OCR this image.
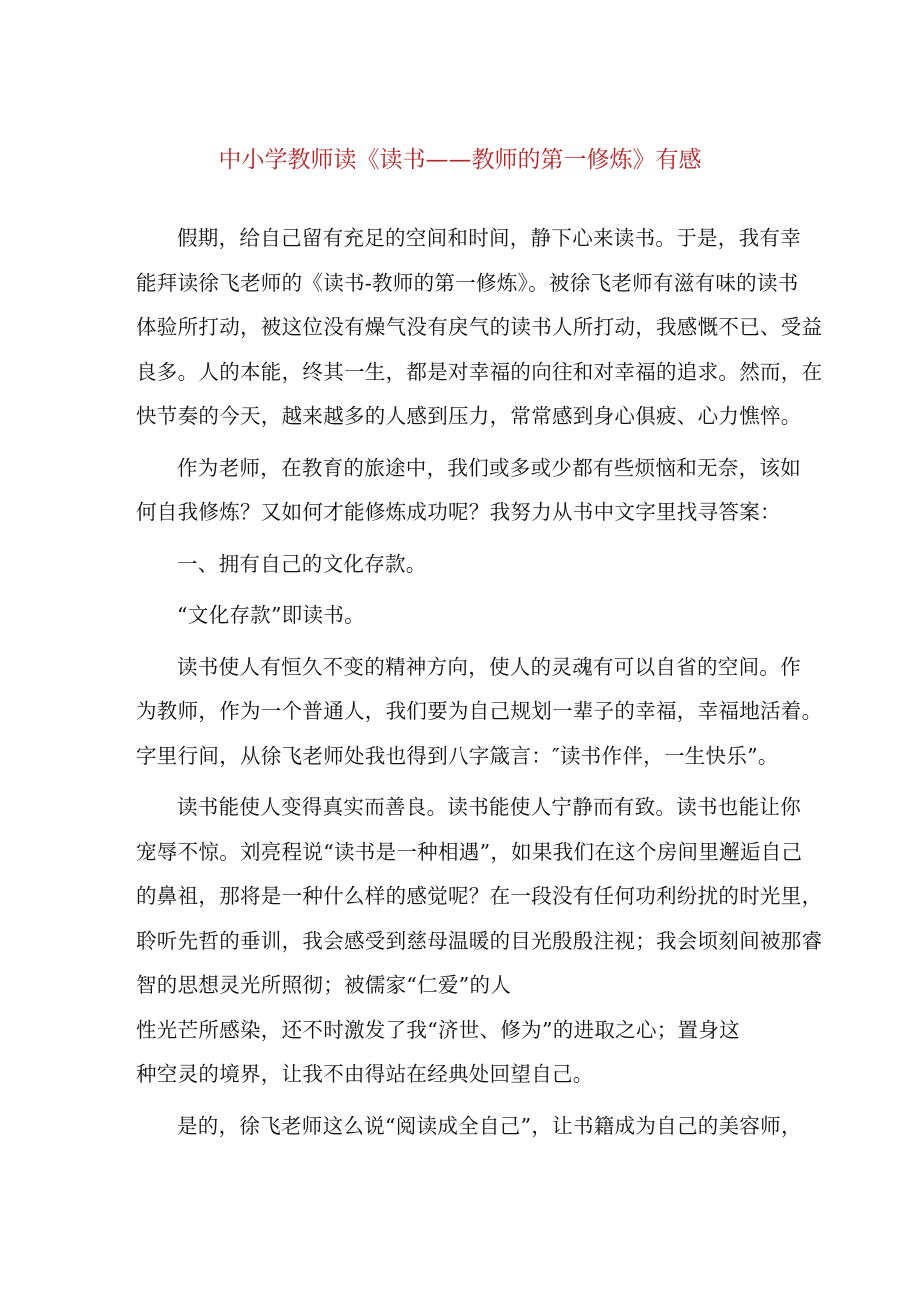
中小学教师读《读书——教师的第一修炼》有感

假期，给自己留有充足的空间和时间，静下心来读书。于是，我有幸
能拜读徐飞老师的《读书-教师的第一修炼》。被徐飞老师有滋有味的读书
体验所打动，被这位没有燥气没有戾气的读书人所打动，我感慨不已、受益
良多。人的本能，终其一生，都是对幸福的向往和对幸福的追求。然而，在
快节奏的今天，越来越多的人感到压力，常常感到身心俱疲、心力憔悴。

作为老师，在教育的旅途中，我们或多或少都有些烦恼和无奈，该如
何自我修炼？又如何才能修炼成功呢？我努力从书中文字里找寻答案：

一、拥有自己的文化存款。

“文化存款”即读书。

读书使人有恒久不变的精神方向，使人的灵魂有可以自省的空间。作
为教师，作为一个普通人，我们要为自己规划一辈子的幸福，幸福地活着。
字里行间，从徐飞老师处我也得到八字箴言：″读书作伴，一生快乐”。

读书能使人变得真实而善良。读书能使人宁静而有致。读书也能让你
宠辱不惊。刘亮程说“读书是一种相遇”，如果我们在这个房间里邂逅自己
的鼻祖，那将是一种什么样的感觉呢？在一段没有任何功利纷扰的时光里，
聆听先哲的垂训，我会感受到慈母温暖的目光殷殷注视；我会顷刻间被那睿
智的思想灵光所照彻；被儒家“仁爱”的人
性光芒所感染，还不时激发了我“济世、修为”的进取之心；置身这
种空灵的境界，让我不由得站在经典处回望自己。

是的，徐飞老师这么说“阅读成全自己”，让书籍成为自己的美容师，
